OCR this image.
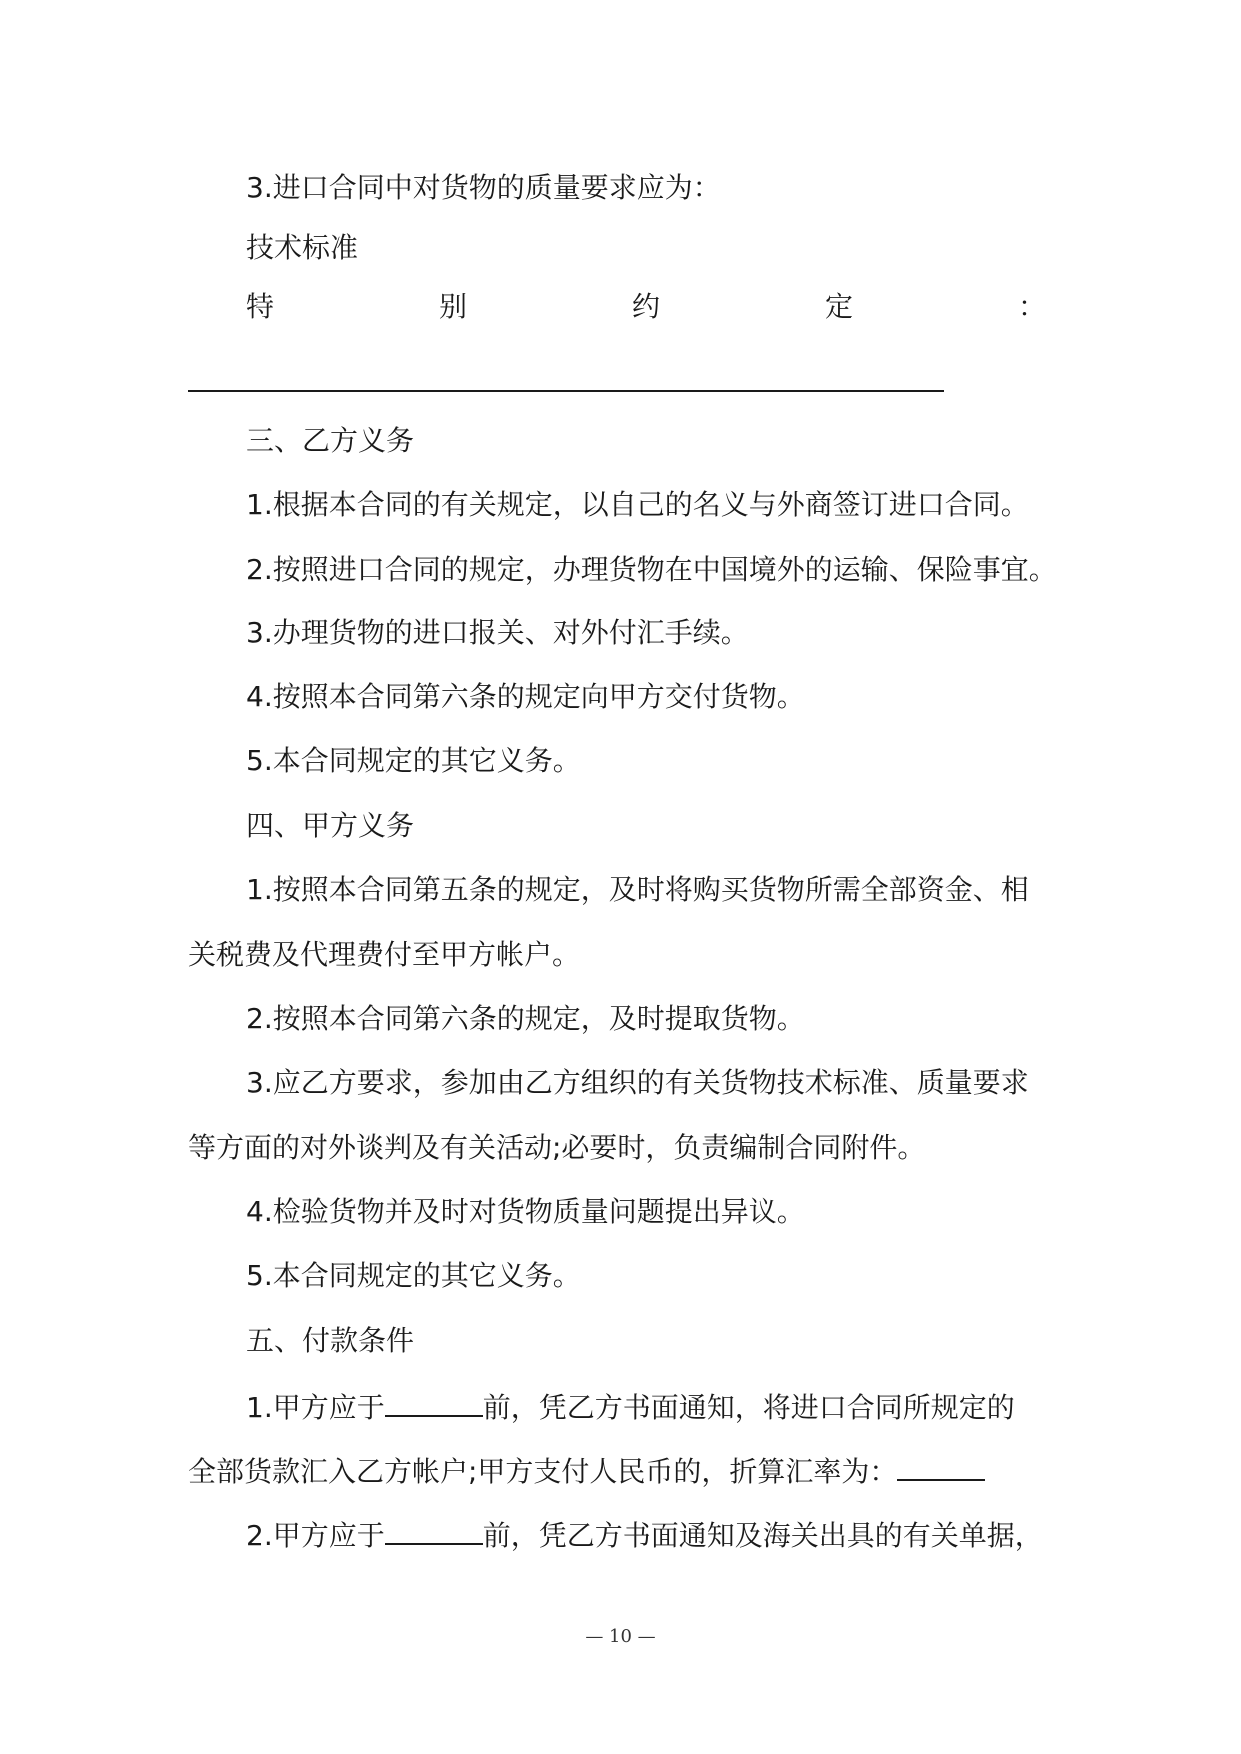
3.进口合同中对货物的质量要求应为：
技术标准
特	别	约	定	：
三、乙方义务
1.根据本合同的有关规定，以自己的名义与外商签订进口合同。
2.按照进口合同的规定，办理货物在中国境外的运输、保险事宜。
3.办理货物的进口报关、对外付汇手续。
4.按照本合同第六条的规定向甲方交付货物。
5.本合同规定的其它义务。
四、甲方义务
1.按照本合同第五条的规定，及时将购买货物所需全部资金、相
关税费及代理费付至甲方帐户。
2.按照本合同第六条的规定，及时提取货物。
3.应乙方要求，参加由乙方组织的有关货物技术标准、质量要求
等方面的对外谈判及有关活动;必要时，负责编制合同附件。
4.检验货物并及时对货物质量问题提出异议。
5.本合同规定的其它义务。
五、付款条件
1.甲方应于	前，凭乙方书面通知，将进口合同所规定的
全部货款汇入乙方帐户;甲方支付人民币的，折算汇率为：
2.甲方应于	前，凭乙方书面通知及海关出具的有关单据，
— 10 —
